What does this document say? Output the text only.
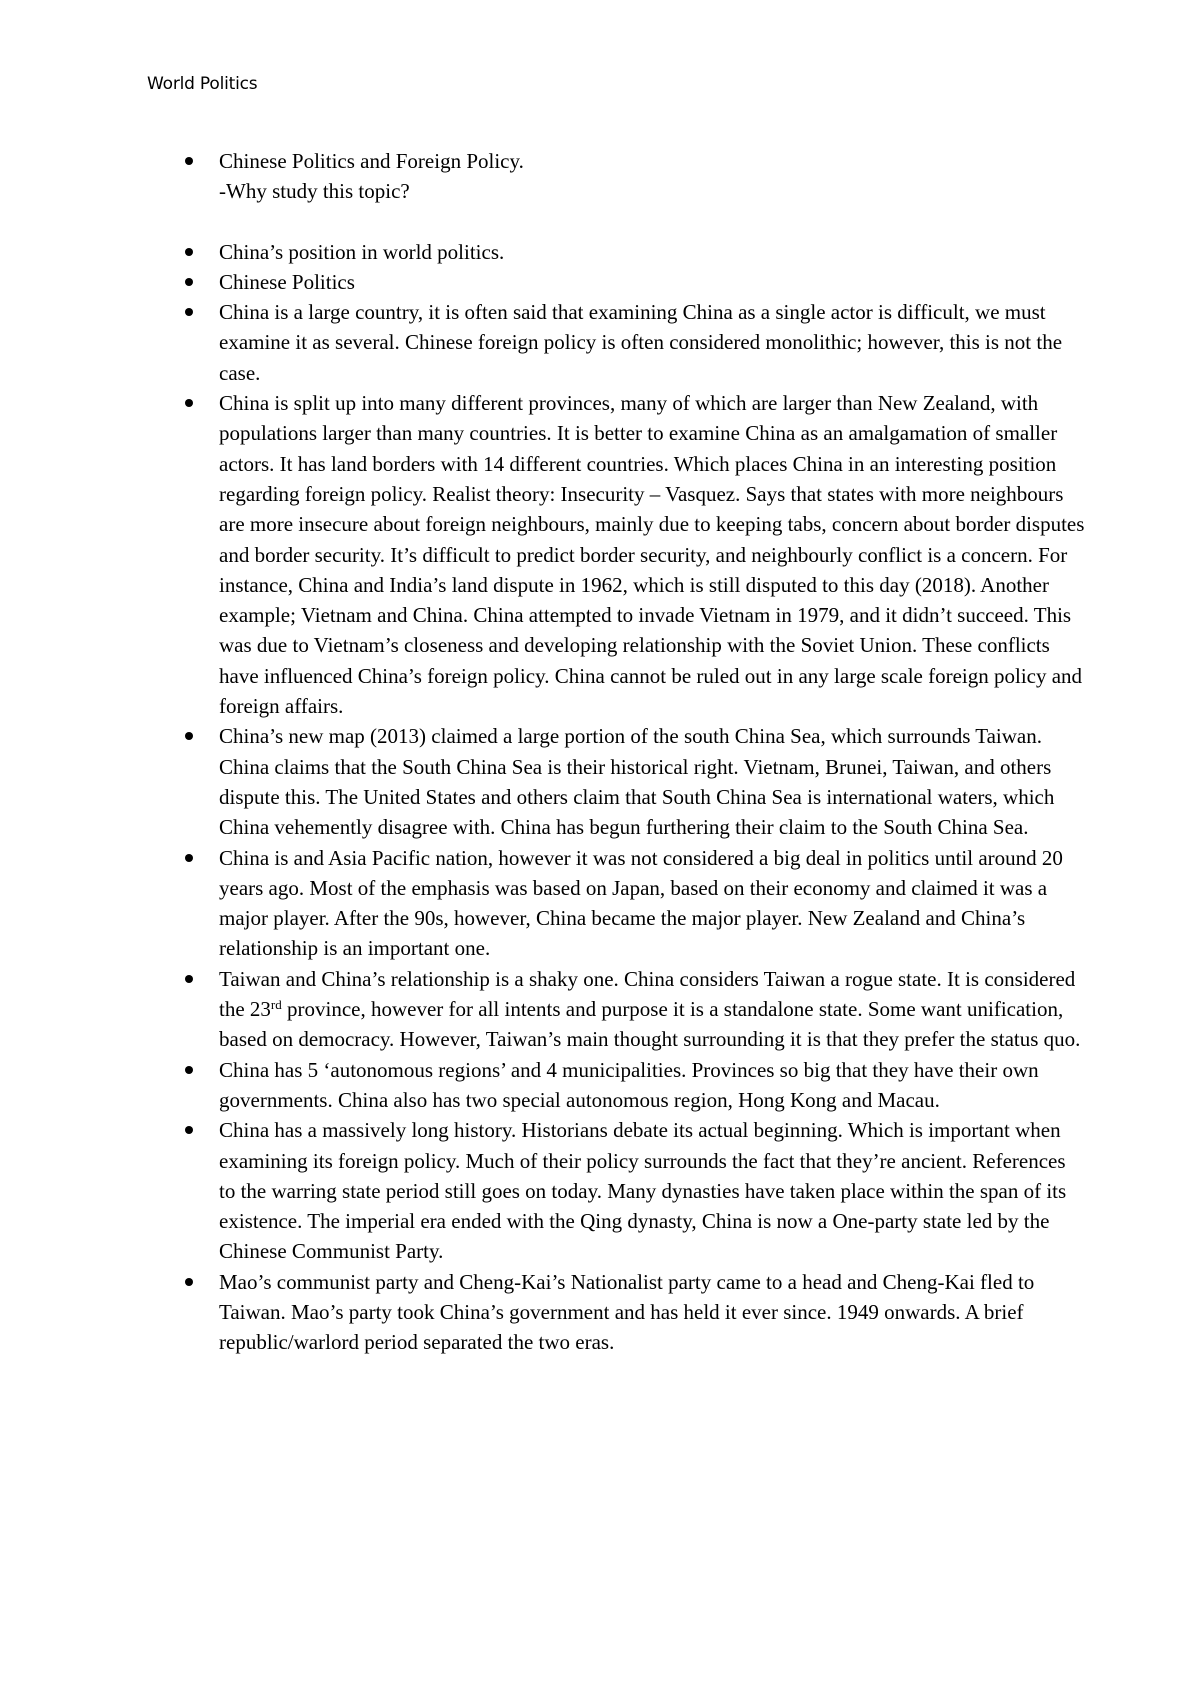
World Politics
Chinese Politics and Foreign Policy.
-Why study this topic?
China’s position in world politics.
Chinese Politics
China is a large country, it is often said that examining China as a single actor is difficult, we must examine it as several. Chinese foreign policy is often considered monolithic; however, this is not the case.
China is split up into many different provinces, many of which are larger than New Zealand, with populations larger than many countries. It is better to examine China as an amalgamation of smaller actors. It has land borders with 14 different countries. Which places China in an interesting position regarding foreign policy. Realist theory: Insecurity – Vasquez. Says that states with more neighbours are more insecure about foreign neighbours, mainly due to keeping tabs, concern about border disputes and border security. It’s difficult to predict border security, and neighbourly conflict is a concern. For instance, China and India’s land dispute in 1962, which is still disputed to this day (2018). Another example; Vietnam and China. China attempted to invade Vietnam in 1979, and it didn’t succeed. This was due to Vietnam’s closeness and developing relationship with the Soviet Union. These conflicts have influenced China’s foreign policy. China cannot be ruled out in any large scale foreign policy and foreign affairs.
China’s new map (2013) claimed a large portion of the south China Sea, which surrounds Taiwan. China claims that the South China Sea is their historical right. Vietnam, Brunei, Taiwan, and others dispute this. The United States and others claim that South China Sea is international waters, which China vehemently disagree with. China has begun furthering their claim to the South China Sea.
China is and Asia Pacific nation, however it was not considered a big deal in politics until around 20 years ago. Most of the emphasis was based on Japan, based on their economy and claimed it was a major player. After the 90s, however, China became the major player. New Zealand and China’s relationship is an important one.
Taiwan and China’s relationship is a shaky one. China considers Taiwan a rogue state. It is considered the 23rd province, however for all intents and purpose it is a standalone state. Some want unification, based on democracy. However, Taiwan’s main thought surrounding it is that they prefer the status quo.
China has 5 ‘autonomous regions’ and 4 municipalities. Provinces so big that they have their own governments. China also has two special autonomous region, Hong Kong and Macau.
China has a massively long history. Historians debate its actual beginning. Which is important when examining its foreign policy. Much of their policy surrounds the fact that they’re ancient. References to the warring state period still goes on today. Many dynasties have taken place within the span of its existence. The imperial era ended with the Qing dynasty, China is now a One-party state led by the Chinese Communist Party.
Mao’s communist party and Cheng-Kai’s Nationalist party came to a head and Cheng-Kai fled to Taiwan. Mao’s party took China’s government and has held it ever since. 1949 onwards. A brief republic/warlord period separated the two eras.
